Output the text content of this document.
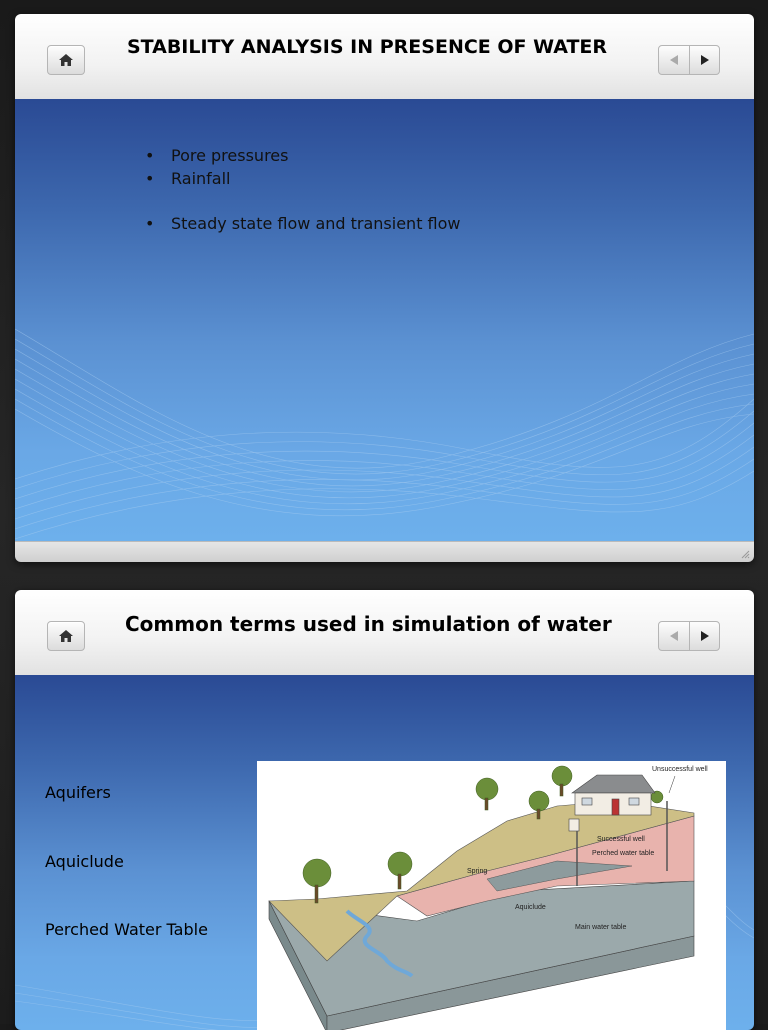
STABILITY ANALYSIS IN PRESENCE OF WATER
• Pore pressures
• Rainfall
• Steady state flow and transient flow
Common terms used in simulation of water
Aquifers
Aquiclude
Perched Water Table
Unsuccessful well
Successful well
Perched water table
Spring
Aquiclude
Main water table
